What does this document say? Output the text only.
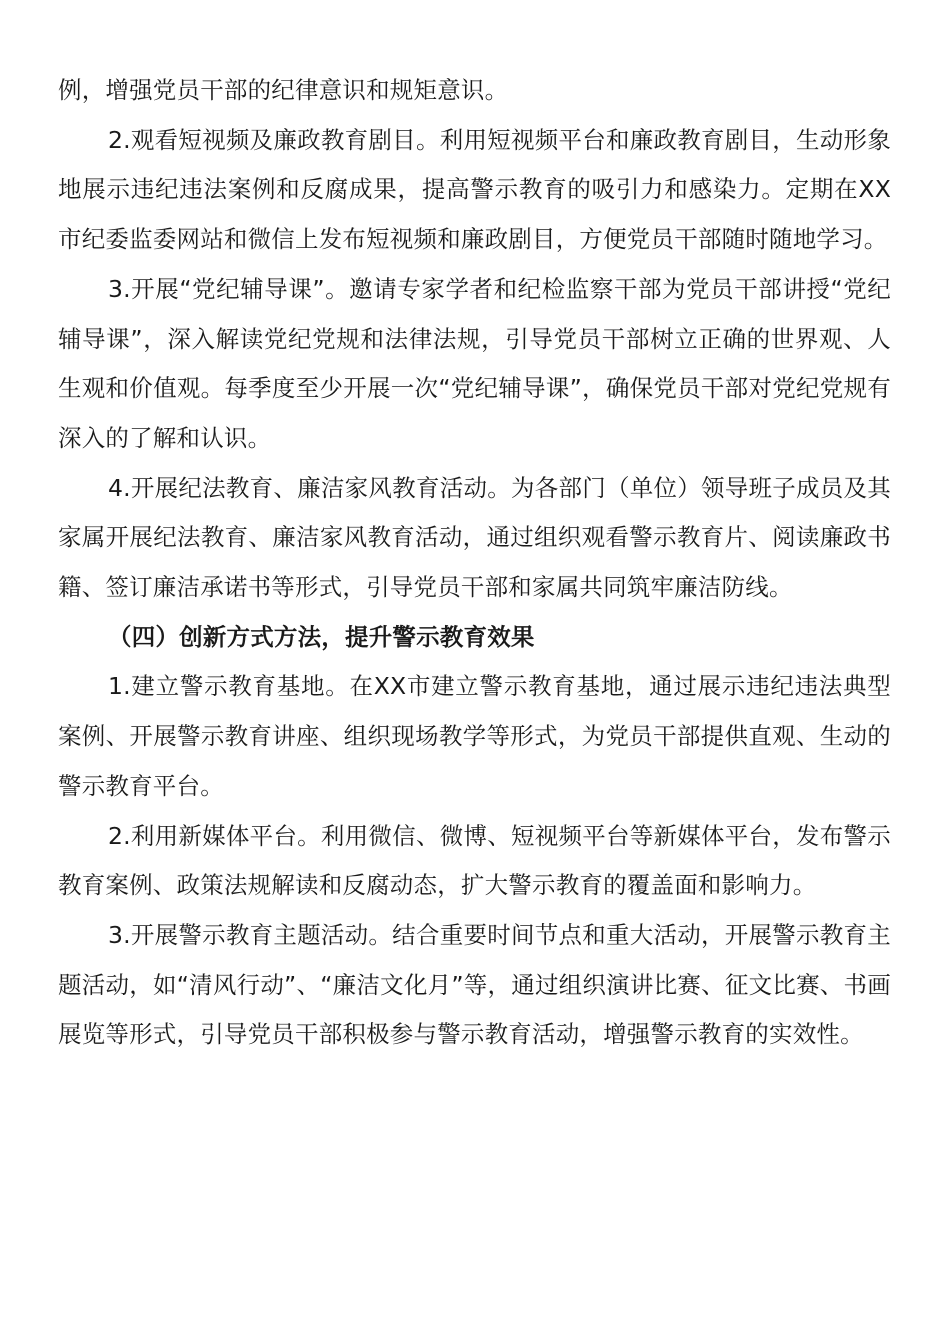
例，增强党员干部的纪律意识和规矩意识。

2.观看短视频及廉政教育剧目。利用短视频平台和廉政教育剧目，生动形象地展示违纪违法案例和反腐成果，提高警示教育的吸引力和感染力。定期在XX市纪委监委网站和微信上发布短视频和廉政剧目，方便党员干部随时随地学习。

3.开展“党纪辅导课”。邀请专家学者和纪检监察干部为党员干部讲授“党纪辅导课”，深入解读党纪党规和法律法规，引导党员干部树立正确的世界观、人生观和价值观。每季度至少开展一次“党纪辅导课”，确保党员干部对党纪党规有深入的了解和认识。

4.开展纪法教育、廉洁家风教育活动。为各部门（单位）领导班子成员及其家属开展纪法教育、廉洁家风教育活动，通过组织观看警示教育片、阅读廉政书籍、签订廉洁承诺书等形式，引导党员干部和家属共同筑牢廉洁防线。

（四）创新方式方法，提升警示教育效果

1.建立警示教育基地。在XX市建立警示教育基地，通过展示违纪违法典型案例、开展警示教育讲座、组织现场教学等形式，为党员干部提供直观、生动的警示教育平台。

2.利用新媒体平台。利用微信、微博、短视频平台等新媒体平台，发布警示教育案例、政策法规解读和反腐动态，扩大警示教育的覆盖面和影响力。

3.开展警示教育主题活动。结合重要时间节点和重大活动，开展警示教育主题活动，如“清风行动”、“廉洁文化月”等，通过组织演讲比赛、征文比赛、书画展览等形式，引导党员干部积极参与警示教育活动，增强警示教育的实效性。
